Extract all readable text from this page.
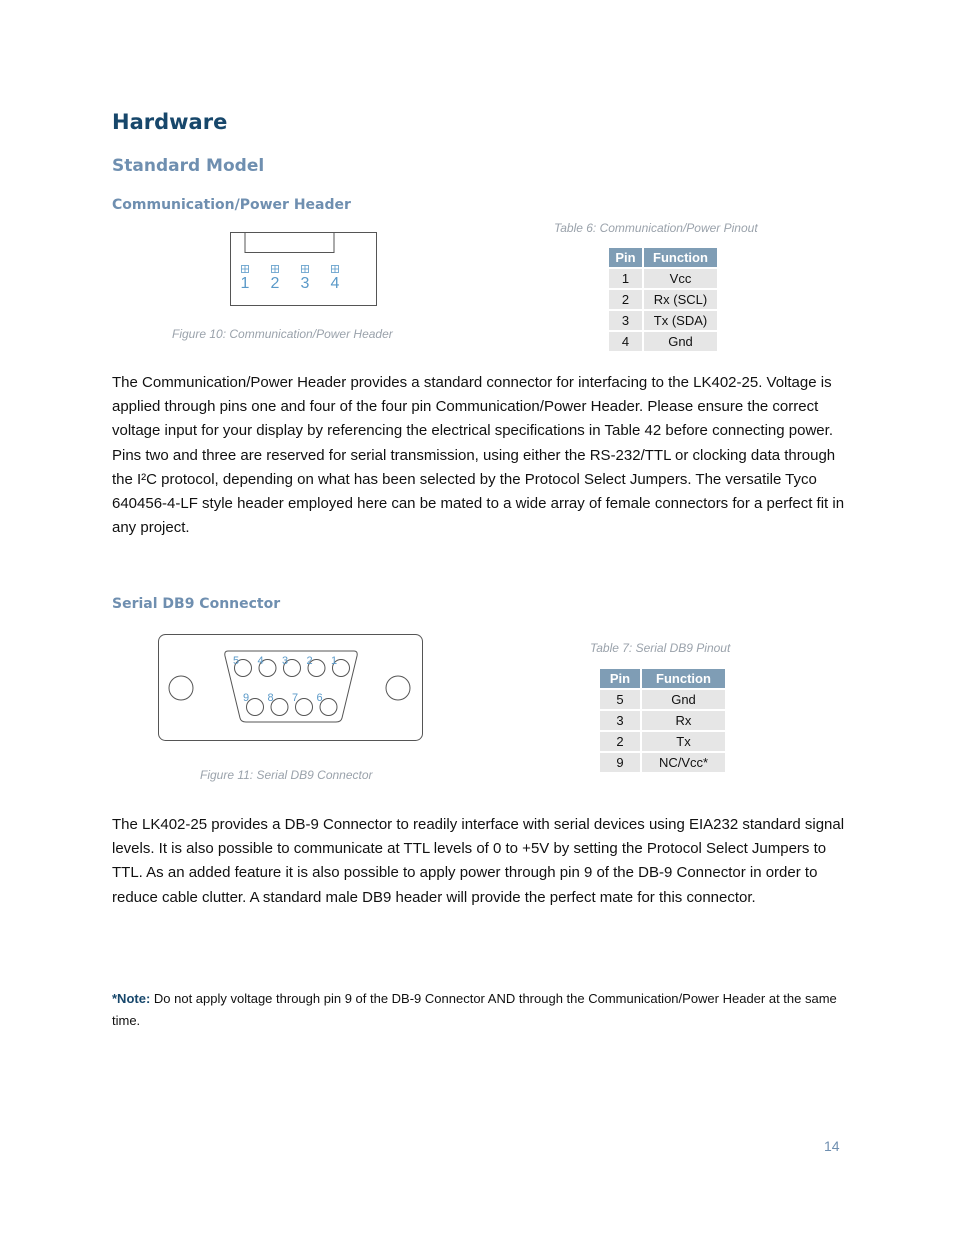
Hardware
Standard Model
Communication/Power Header
1 2 3 4
Figure 10: Communication/Power Header
Table 6: Communication/Power Pinout
Pin	Function
1	Vcc
2	Rx (SCL)
3	Tx (SDA)
4	Gnd

The Communication/Power Header provides a standard connector for interfacing to the LK402-25. Voltage is applied through pins one and four of the four pin Communication/Power Header. Please ensure the correct voltage input for your display by referencing the electrical specifications in Table 42 before connecting power. Pins two and three are reserved for serial transmission, using either the RS-232/TTL or clocking data through the I²C protocol, depending on what has been selected by the Protocol Select Jumpers. The versatile Tyco 640456-4-LF style header employed here can be mated to a wide array of female connectors for a perfect fit in any project.

Serial DB9 Connector
5 4 3 2 1
9 8 7 6
Figure 11: Serial DB9 Connector
Table 7: Serial DB9 Pinout
Pin	Function
5	Gnd
3	Rx
2	Tx
9	NC/Vcc*

The LK402-25 provides a DB-9 Connector to readily interface with serial devices using EIA232 standard signal levels. It is also possible to communicate at TTL levels of 0 to +5V by setting the Protocol Select Jumpers to TTL. As an added feature it is also possible to apply power through pin 9 of the DB-9 Connector in order to reduce cable clutter. A standard male DB9 header will provide the perfect mate for this connector.

*Note: Do not apply voltage through pin 9 of the DB-9 Connector AND through the Communication/Power Header at the same time.
14
